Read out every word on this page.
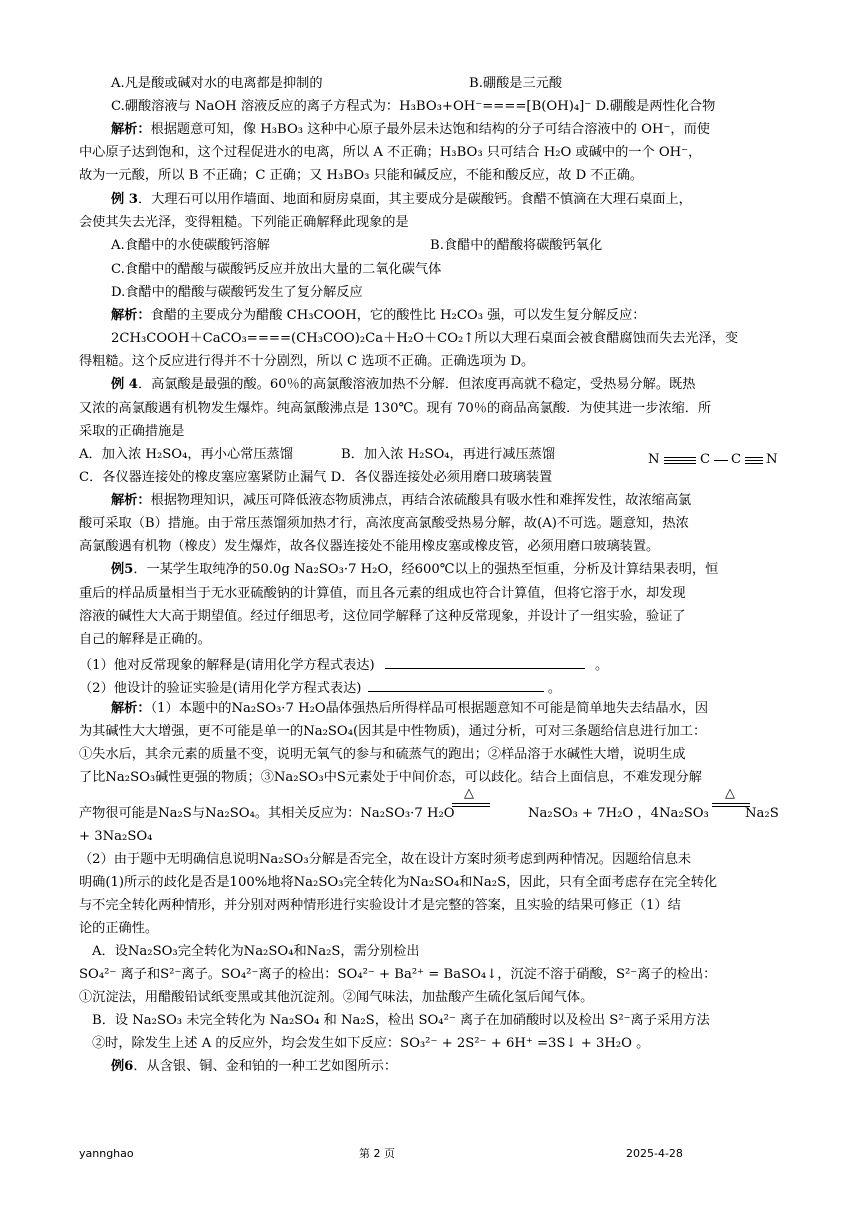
A.凡是酸或碱对水的电离都是抑制的	B.硼酸是三元酸
C.硼酸溶液与 NaOH 溶液反应的离子方程式为：H₃BO₃+OH⁻====[B(OH)₄]⁻ D.硼酸是两性化合物
解析：根据题意可知，像 H₃BO₃ 这种中心原子最外层未达饱和结构的分子可结合溶液中的 OH⁻，而使
中心原子达到饱和，这个过程促进水的电离，所以 A 不正确；H₃BO₃ 只可结合 H₂O 或碱中的一个 OH⁻，
故为一元酸，所以 B 不正确；C 正确；又 H₃BO₃ 只能和碱反应，不能和酸反应，故 D 不正确。
例 3．大理石可以用作墙面、地面和厨房桌面，其主要成分是碳酸钙。食醋不慎滴在大理石桌面上，
会使其失去光泽，变得粗糙。下列能正确解释此现象的是
A.食醋中的水使碳酸钙溶解	B.食醋中的醋酸将碳酸钙氧化
C.食醋中的醋酸与碳酸钙反应并放出大量的二氧化碳气体
D.食醋中的醋酸与碳酸钙发生了复分解反应
解析：食醋的主要成分为醋酸 CH₃COOH，它的酸性比 H₂CO₃ 强，可以发生复分解反应：
2CH₃COOH＋CaCO₃====(CH₃COO)₂Ca＋H₂O＋CO₂↑所以大理石桌面会被食醋腐蚀而失去光泽，变
得粗糙。这个反应进行得并不十分剧烈，所以 C 选项不正确。正确选项为 D。
例 4．高氯酸是最强的酸。60％的高氯酸溶液加热不分解．但浓度再高就不稳定，受热易分解。既热
又浓的高氯酸遇有机物发生爆炸。纯高氯酸沸点是 130℃。现有 70％的商品高氯酸．为使其进一步浓缩．所
采取的正确措施是
A．加入浓 H₂SO₄，再小心常压蒸馏	B．加入浓 H₂SO₄，再进行减压蒸馏
C．各仪器连接处的橡皮塞应塞紧防止漏气 D．各仪器连接处必须用磨口玻璃装置
N	C C N
解析：根据物理知识，减压可降低液态物质沸点，再结合浓硫酸具有吸水性和难挥发性，故浓缩高氯
酸可采取（B）措施。由于常压蒸馏须加热才行，高浓度高氯酸受热易分解，故(A)不可选。题意知，热浓
高氯酸遇有机物（橡皮）发生爆炸，故各仪器连接处不能用橡皮塞或橡皮管，必须用磨口玻璃装置。
例5．一某学生取纯净的50.0g Na₂SO₃·7 H₂O，经600℃以上的强热至恒重，分析及计算结果表明，恒
重后的样品质量相当于无水亚硫酸钠的计算值，而且各元素的组成也符合计算值，但将它溶于水，却发现
溶液的碱性大大高于期望值。经过仔细思考，这位同学解释了这种反常现象，并设计了一组实验，验证了
自己的解释是正确的。
（1）他对反常现象的解释是(请用化学方程式表达)	。
（2）他设计的验证实验是(请用化学方程式表达)	。
解析：（1）本题中的Na₂SO₃·7 H₂O晶体强热后所得样品可根据题意知不可能是简单地失去结晶水，因
为其碱性大大增强，更不可能是单一的Na₂SO₄(因其是中性物质)，通过分析，可对三条题给信息进行加工：
①失水后，其余元素的质量不变，说明无氧气的参与和硫蒸气的跑出；②样品溶于水碱性大增，说明生成
了比Na₂SO₃碱性更强的物质；③Na₂SO₃中S元素处于中间价态，可以歧化。结合上面信息，不难发现分解
产物很可能是Na₂S与Na₂SO₄。其相关反应为：Na₂SO₃·7 H₂O	Na₂SO₃ + 7H₂O ，4Na₂SO₃	Na₂S
△	△
+ 3Na₂SO₄
（2）由于题中无明确信息说明Na₂SO₃分解是否完全，故在设计方案时须考虑到两种情况。因题给信息未
明确(1)所示的歧化是否是100%地将Na₂SO₃完全转化为Na₂SO₄和Na₂S，因此，只有全面考虑存在完全转化
与不完全转化两种情形，并分别对两种情形进行实验设计才是完整的答案，且实验的结果可修正（1）结
论的正确性。
A．设Na₂SO₃完全转化为Na₂SO₄和Na₂S，需分别检出
SO₄²⁻ 离子和S²⁻离子。SO₄²⁻离子的检出：SO₄²⁻ + Ba²⁺ = BaSO₄↓，沉淀不溶于硝酸，S²⁻离子的检出：
①沉淀法，用醋酸铅试纸变黑或其他沉淀剂。②闻气味法，加盐酸产生硫化氢后闻气体。
B．设 Na₂SO₃ 未完全转化为 Na₂SO₄ 和 Na₂S，检出 SO₄²⁻ 离子在加硝酸时以及检出 S²⁻离子采用方法
②时，除发生上述 A 的反应外，均会发生如下反应：SO₃²⁻ + 2S²⁻ + 6H⁺ =3S↓ + 3H₂O 。
例6．从含银、铜、金和铂的一种工艺如图所示：
yannghao	第 2 页	2025-4-28
